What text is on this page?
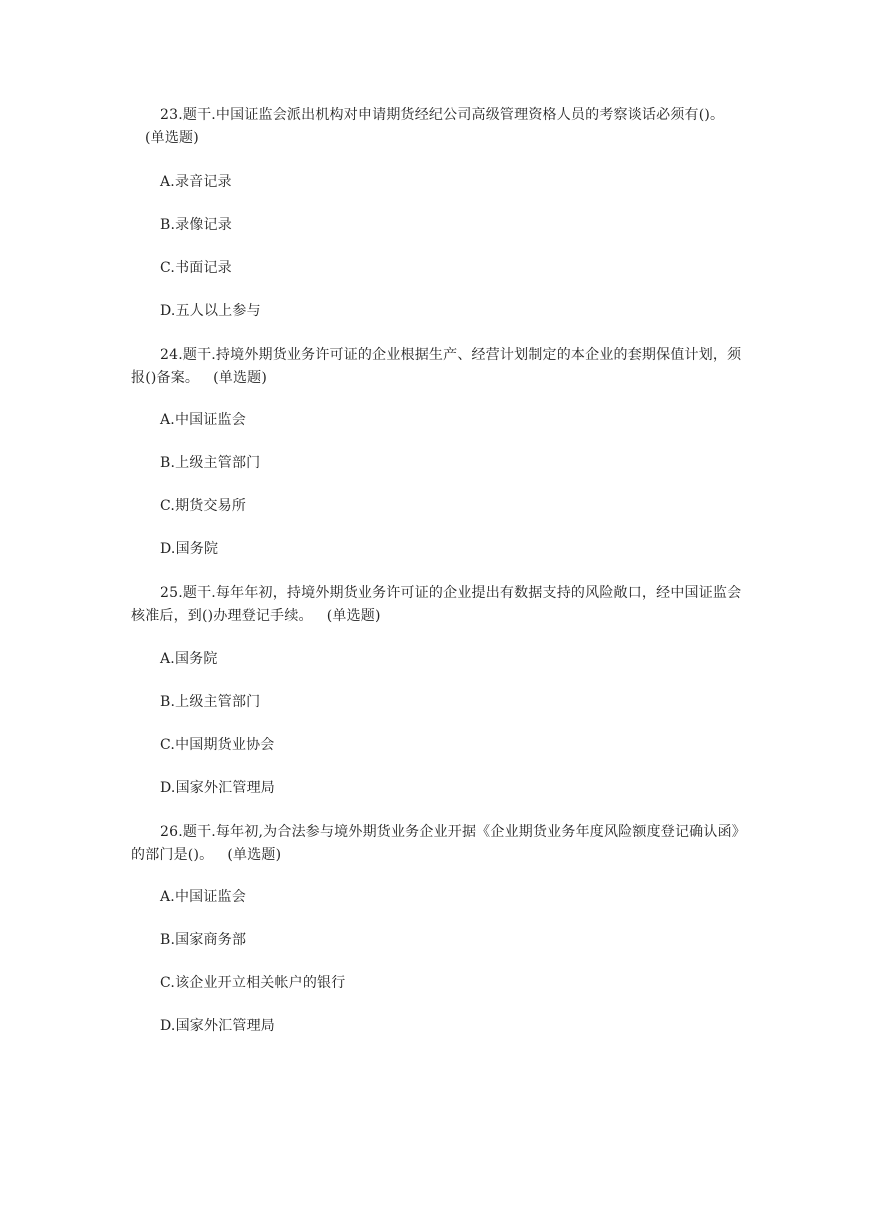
23.题干.中国证监会派出机构对申请期货经纪公司高级管理资格人员的考察谈话必须有()。(单选题)
A.录音记录
B.录像记录
C.书面记录
D.五人以上参与
24.题干.持境外期货业务许可证的企业根据生产、经营计划制定的本企业的套期保值计划，须报()备案。 (单选题)
A.中国证监会
B.上级主管部门
C.期货交易所
D.国务院
25.题干.每年年初，持境外期货业务许可证的企业提出有数据支持的风险敞口，经中国证监会核准后，到()办理登记手续。 (单选题)
A.国务院
B.上级主管部门
C.中国期货业协会
D.国家外汇管理局
26.题干.每年初,为合法参与境外期货业务企业开据《企业期货业务年度风险额度登记确认函》的部门是()。 (单选题)
A.中国证监会
B.国家商务部
C.该企业开立相关帐户的银行
D.国家外汇管理局
